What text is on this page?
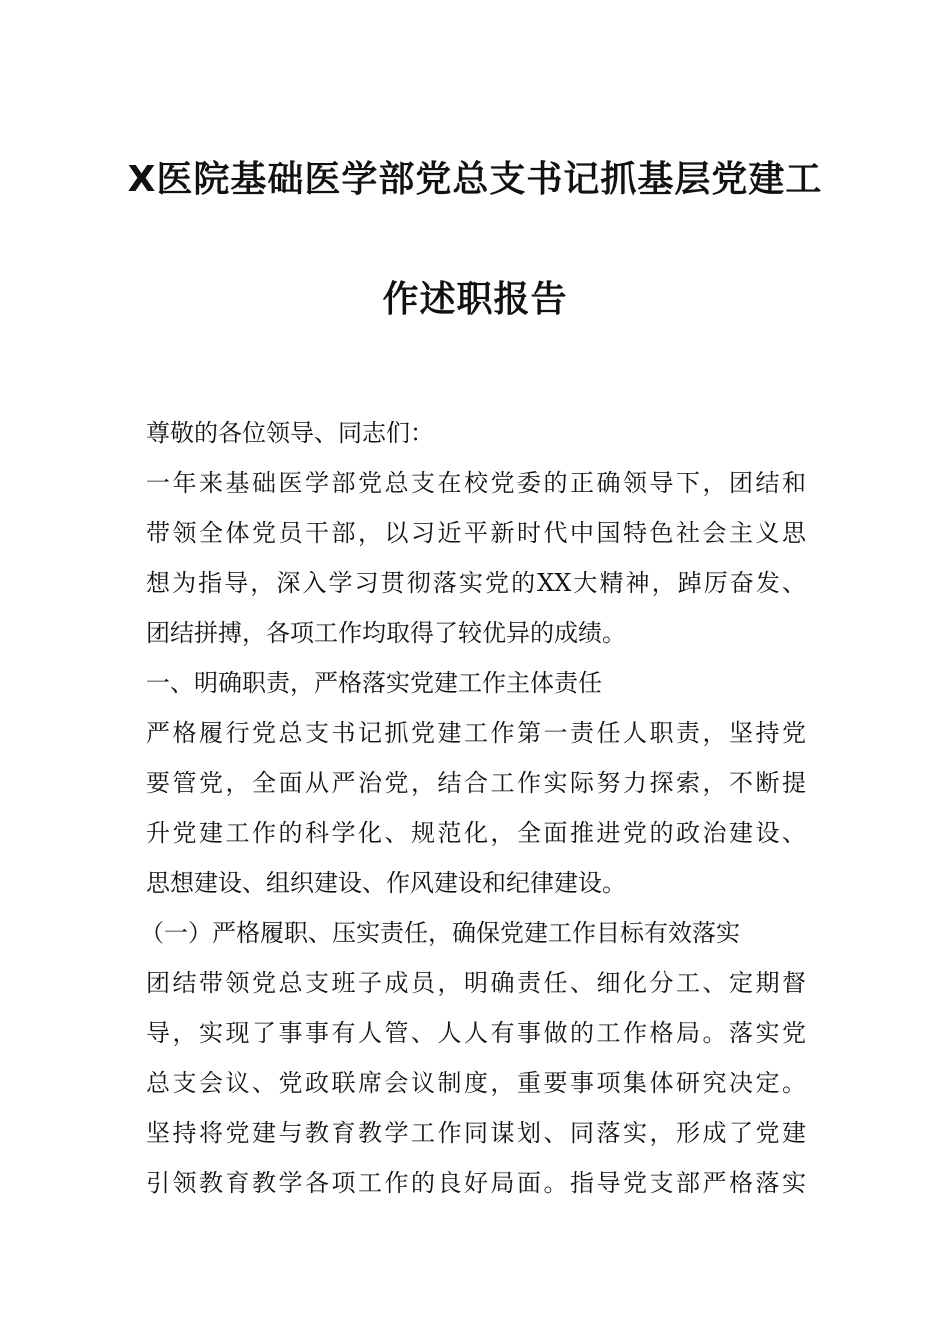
X医院基础医学部党总支书记抓基层党建工
作述职报告
尊敬的各位领导、同志们：
一年来基础医学部党总支在校党委的正确领导下，团结和
带领全体党员干部，以习近平新时代中国特色社会主义思
想为指导，深入学习贯彻落实党的XX大精神，踔厉奋发、
团结拼搏，各项工作均取得了较优异的成绩。
一、明确职责，严格落实党建工作主体责任
严格履行党总支书记抓党建工作第一责任人职责，坚持党
要管党，全面从严治党，结合工作实际努力探索，不断提
升党建工作的科学化、规范化，全面推进党的政治建设、
思想建设、组织建设、作风建设和纪律建设。
（一）严格履职、压实责任，确保党建工作目标有效落实
团结带领党总支班子成员，明确责任、细化分工、定期督
导，实现了事事有人管、人人有事做的工作格局。落实党
总支会议、党政联席会议制度，重要事项集体研究决定。
坚持将党建与教育教学工作同谋划、同落实，形成了党建
引领教育教学各项工作的良好局面。指导党支部严格落实
